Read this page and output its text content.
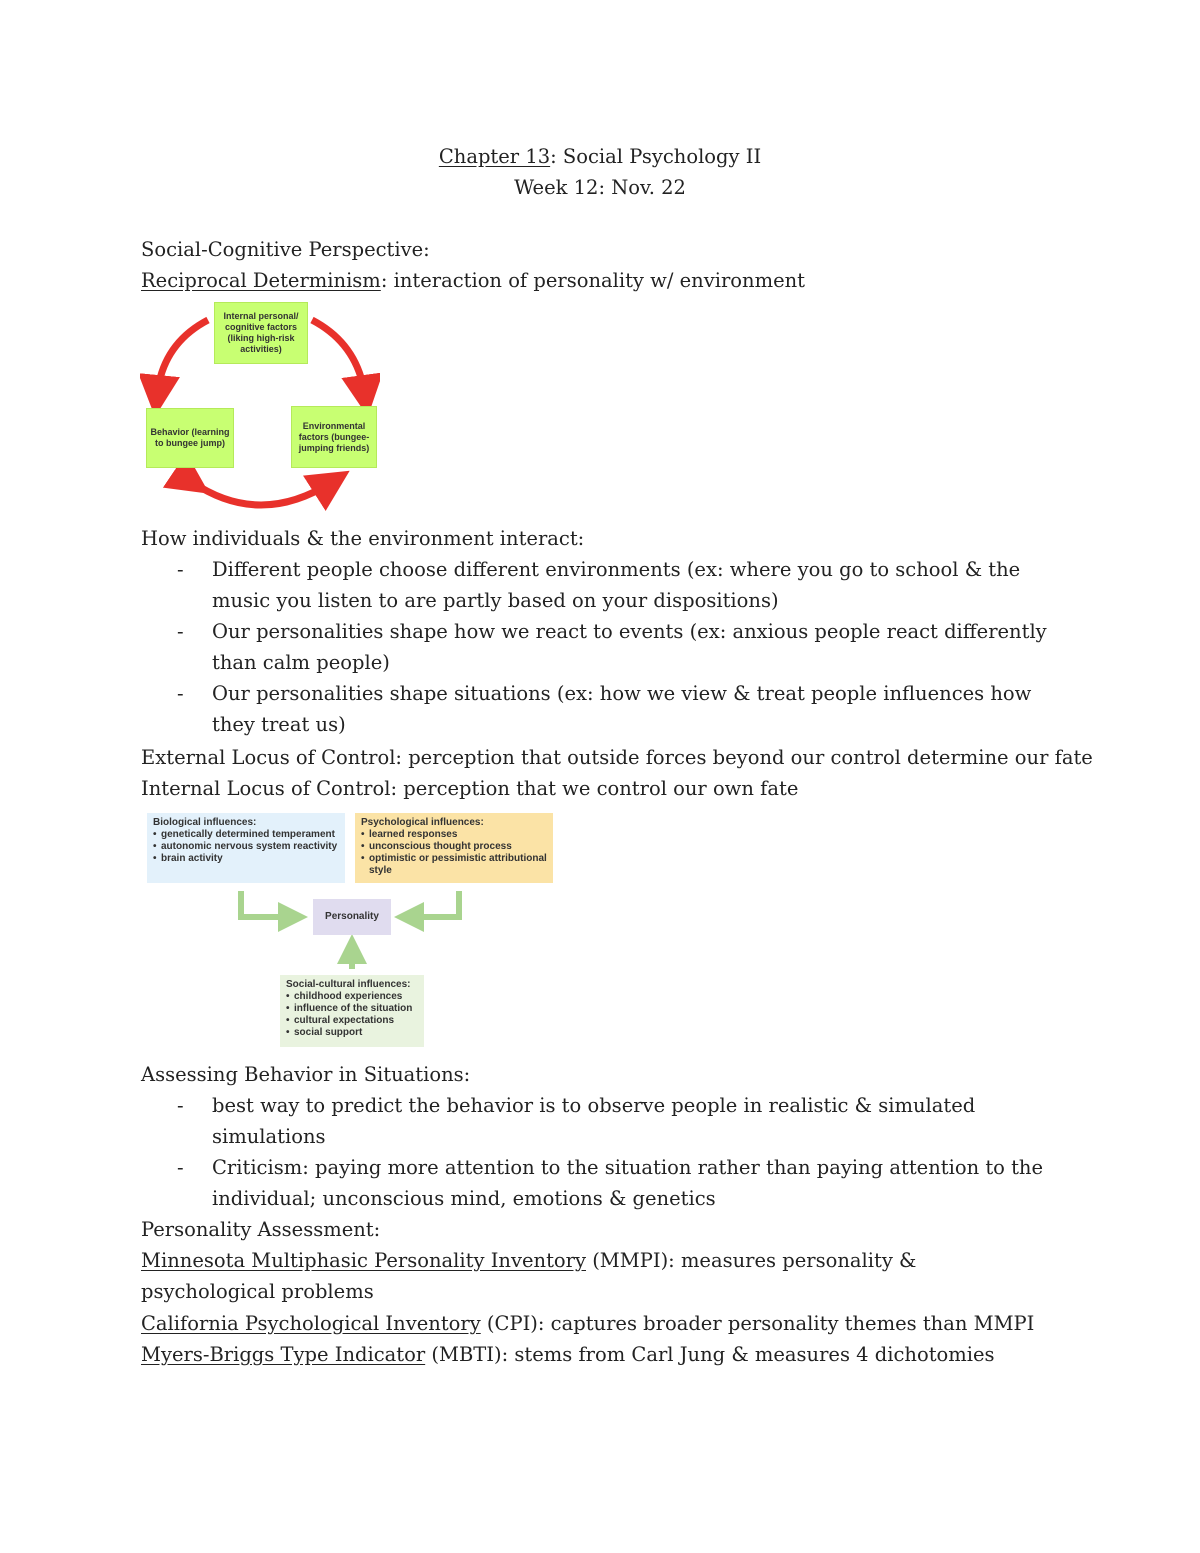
Chapter 13: Social Psychology II
Week 12: Nov. 22
Social-Cognitive Perspective:
Reciprocal Determinism: interaction of personality w/ environment
Internal personal/ cognitive factors (liking high-risk activities)
Behavior (learning to bungee jump)
Environmental factors (bungee-jumping friends)
How individuals & the environment interact:
- Different people choose different environments (ex: where you go to school & the music you listen to are partly based on your dispositions)
- Our personalities shape how we react to events (ex: anxious people react differently than calm people)
- Our personalities shape situations (ex: how we view & treat people influences how they treat us)
External Locus of Control: perception that outside forces beyond our control determine our fate
Internal Locus of Control: perception that we control our own fate
Biological influences:
• genetically determined temperament
• autonomic nervous system reactivity
• brain activity
Psychological influences:
• learned responses
• unconscious thought process
• optimistic or pessimistic attributional style
Personality
Social-cultural influences:
• childhood experiences
• influence of the situation
• cultural expectations
• social support
Assessing Behavior in Situations:
- best way to predict the behavior is to observe people in realistic & simulated simulations
- Criticism: paying more attention to the situation rather than paying attention to the individual; unconscious mind, emotions & genetics
Personality Assessment:
Minnesota Multiphasic Personality Inventory (MMPI): measures personality & psychological problems
California Psychological Inventory (CPI): captures broader personality themes than MMPI
Myers-Briggs Type Indicator (MBTI): stems from Carl Jung & measures 4 dichotomies
